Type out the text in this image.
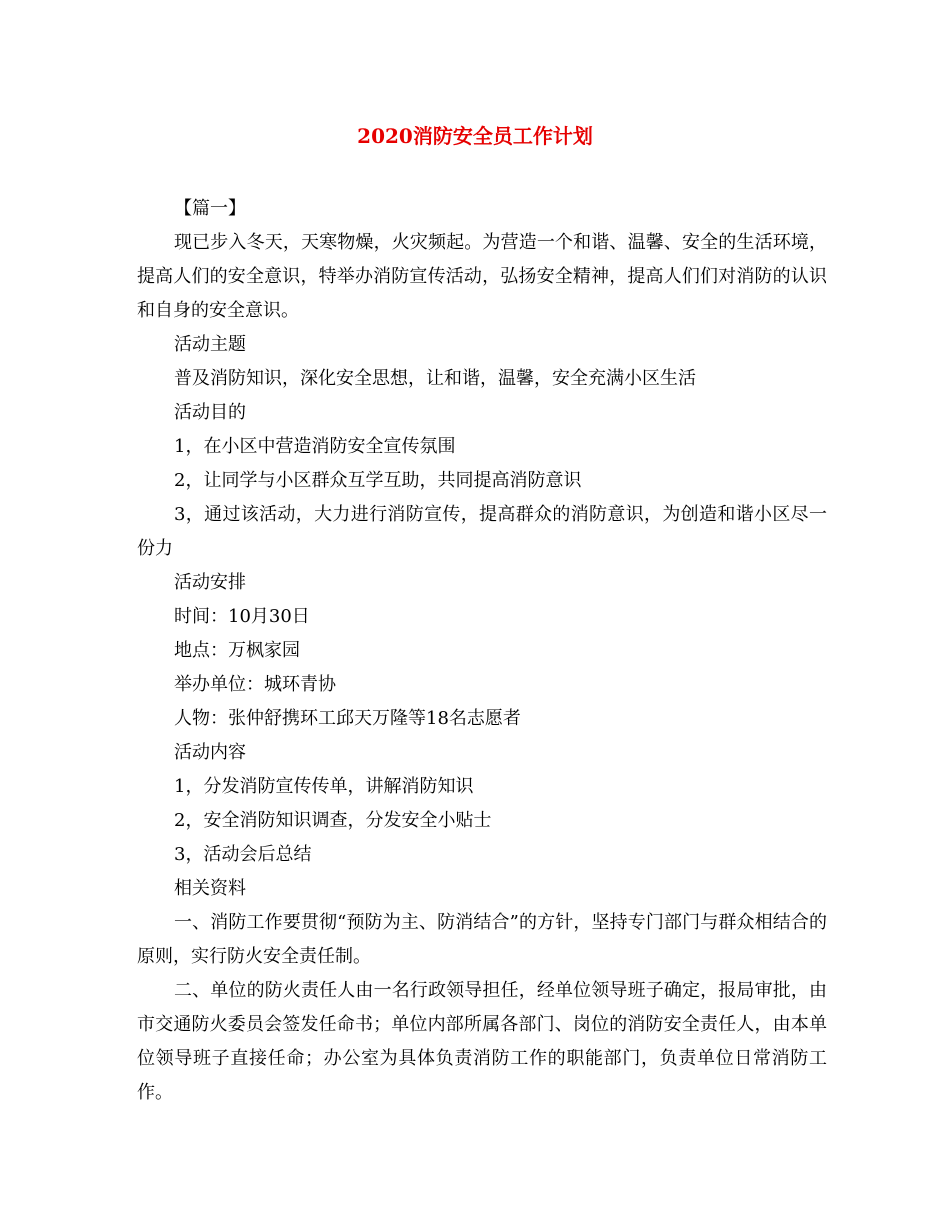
2020消防安全员工作计划

【篇一】

现已步入冬天，天寒物燥，火灾频起。为营造一个和谐、温馨、安全的生活环境，提高人们的安全意识，特举办消防宣传活动，弘扬安全精神，提高人们们对消防的认识和自身的安全意识。

活动主题

普及消防知识，深化安全思想，让和谐，温馨，安全充满小区生活

活动目的

1，在小区中营造消防安全宣传氛围

2，让同学与小区群众互学互助，共同提高消防意识

3，通过该活动，大力进行消防宣传，提高群众的消防意识，为创造和谐小区尽一份力

活动安排

时间：10月30日

地点：万枫家园

举办单位：城环青协

人物：张仲舒携环工邱天万隆等18名志愿者

活动内容

1，分发消防宣传传单，讲解消防知识

2，安全消防知识调查，分发安全小贴士

3，活动会后总结

相关资料

一、消防工作要贯彻“预防为主、防消结合”的方针，坚持专门部门与群众相结合的原则，实行防火安全责任制。

二、单位的防火责任人由一名行政领导担任，经单位领导班子确定，报局审批，由市交通防火委员会签发任命书；单位内部所属各部门、岗位的消防安全责任人，由本单位领导班子直接任命；办公室为具体负责消防工作的职能部门，负责单位日常消防工作。
